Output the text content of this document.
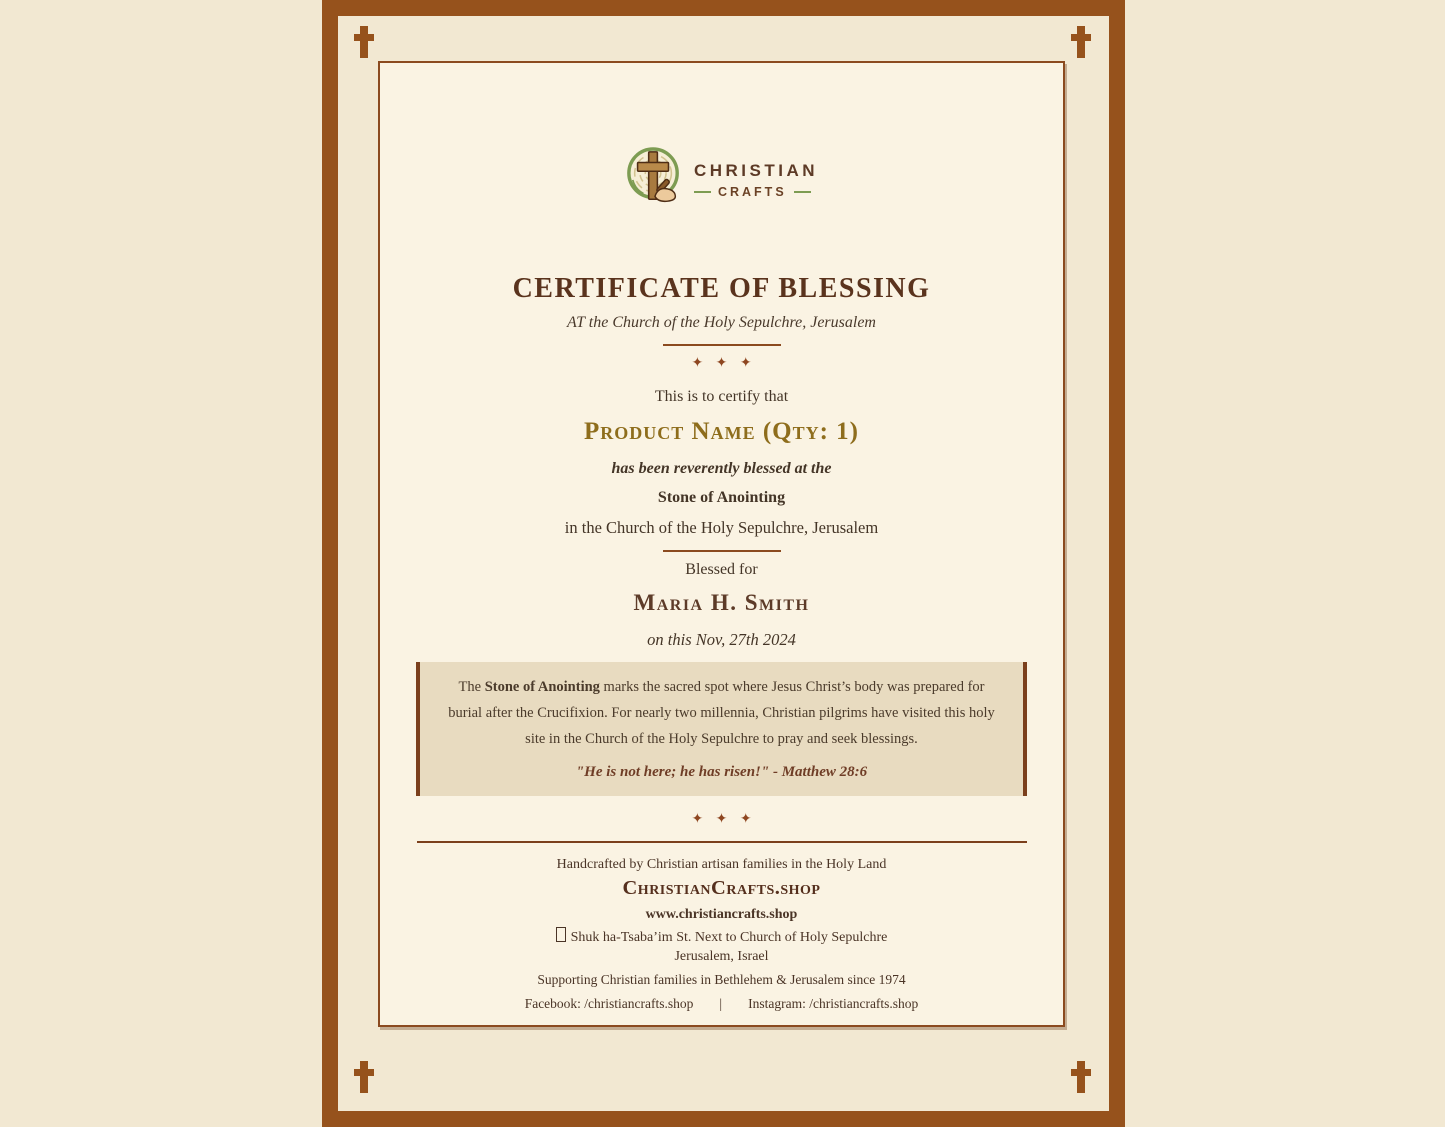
CHRISTIAN
CRAFTS
CERTIFICATE OF BLESSING
AT the Church of the Holy Sepulchre, Jerusalem
✦ ✦ ✦
This is to certify that
Product Name (Qty: 1)
has been reverently blessed at the
Stone of Anointing
in the Church of the Holy Sepulchre, Jerusalem
Blessed for
Maria H. Smith
on this Nov, 27th 2024
The Stone of Anointing marks the sacred spot where Jesus Christ’s body was prepared for burial after the Crucifixion. For nearly two millennia, Christian pilgrims have visited this holy site in the Church of the Holy Sepulchre to pray and seek blessings.
"He is not here; he has risen!" - Matthew 28:6
✦ ✦ ✦
Handcrafted by Christian artisan families in the Holy Land
ChristianCrafts.shop
www.christiancrafts.shop
Shuk ha-Tsaba’im St. Next to Church of Holy Sepulchre
Jerusalem, Israel
Supporting Christian families in Bethlehem & Jerusalem since 1974
Facebook: /christiancrafts.shop | Instagram: /christiancrafts.shop
